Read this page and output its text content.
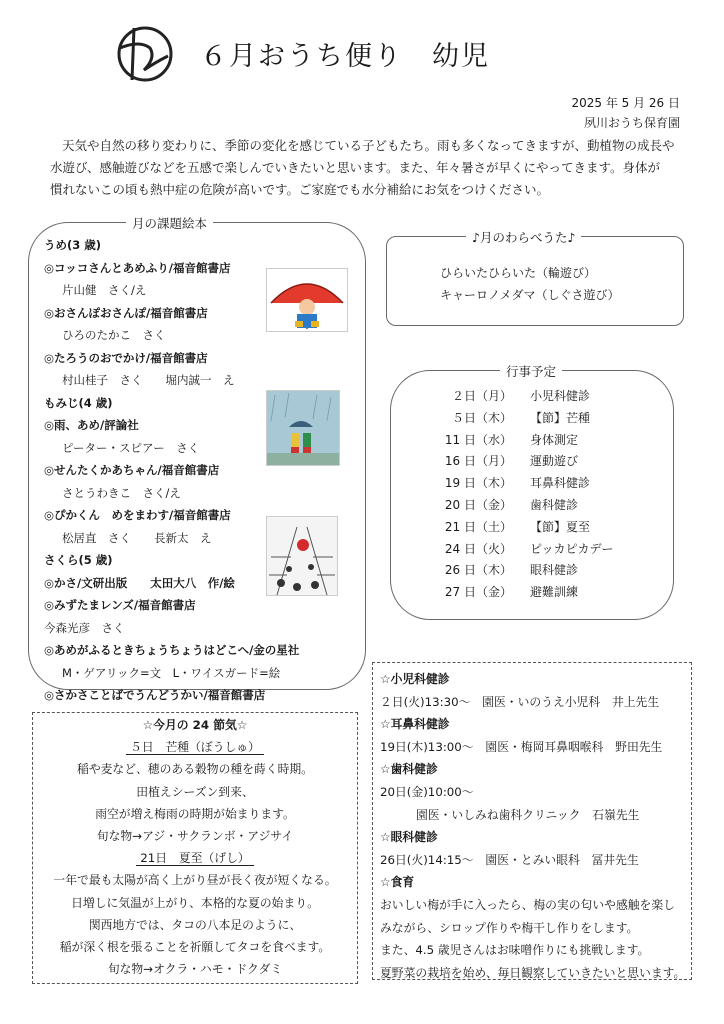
６月おうち便り　幼児
2025 年 5 月 26 日
夙川おうち保育園

天気や自然の移り変わりに、季節の変化を感じている子どもたち。雨も多くなってきますが、動植物の成長や

水遊び、感触遊びなどを五感で楽しんでいきたいと思います。また、年々暑さが早くにやってきます。身体が

慣れないこの頃も熱中症の危険が高いです。ご家庭でも水分補給にお気をつけください。

月の課題絵本
うめ(3 歳)
◎コッコさんとあめふり/福音館書店
片山健　さく/え
◎おさんぽおさんぽ/福音館書店
ひろのたかこ　さく
◎たろうのおでかけ/福音館書店
村山桂子　さく　　堀内誠一　え
もみじ(4 歳)
◎雨、あめ/評論社
ピーター・スピアー　さく
◎せんたくかあちゃん/福音館書店
さとうわきこ　さく/え
◎ぴかくん　めをまわす/福音館書店
松居直　さく　　長新太　え
さくら(5 歳)
◎かさ/文研出版　　太田大八　作/絵
◎みずたまレンズ/福音館書店
今森光彦　さく
◎あめがふるときちょうちょうはどこへ/金の星社
M・ゲアリック=文　L・ワイスガード=絵
◎さかさことばでうんどうかい/福音館書店
♪月のわらべうた♪
ひらいたひらいた（輪遊び）
キャーロノメダマ（しぐさ遊び）
行事予定
２日（月） 小児科健診
５日（木） 【節】芒種
11 日（水） 身体測定
16 日（月） 運動遊び
19 日（木） 耳鼻科健診
20 日（金） 歯科健診
21 日（土） 【節】夏至
24 日（火） ピッカピカデー
26 日（木） 眼科健診
27 日（金） 避難訓練
☆小児科健診
２日(火)13:30～　園医・いのうえ小児科　井上先生
☆耳鼻科健診
19日(木)13:00～　園医・梅岡耳鼻咽喉科　野田先生
☆歯科健診
20日(金)10:00～
園医・いしみね歯科クリニック　石嶺先生
☆眼科健診
26日(火)14:15～　園医・とみい眼科　冨井先生
☆食育
おいしい梅が手に入ったら、梅の実の匂いや感触を楽し
みながら、シロップ作りや梅干し作りをします。
また、4.5 歳児さんはお味噌作りにも挑戦します。
夏野菜の栽培を始め、毎日観察していきたいと思います。
☆今月の 24 節気☆
５日　芒種（ぼうしゅ）
稲や麦など、穂のある穀物の種を蒔く時期。
田植えシーズン到来、
雨空が増え梅雨の時期が始まります。
旬な物→アジ・サクランボ・アジサイ
21日　夏至（げし）
一年で最も太陽が高く上がり昼が長く夜が短くなる。
日増しに気温が上がり、本格的な夏の始まり。
関西地方では、タコの八本足のように、
稲が深く根を張ることを祈願してタコを食べます。
旬な物→オクラ・ハモ・ドクダミ
